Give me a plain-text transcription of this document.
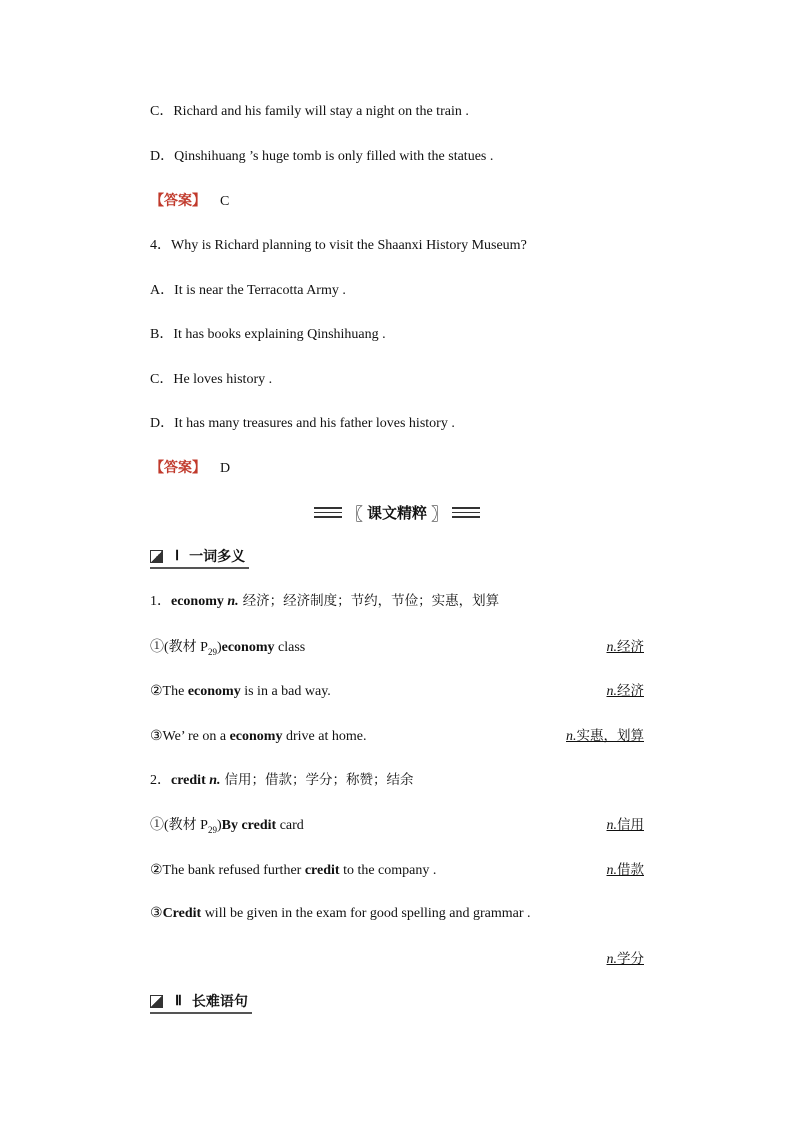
C．Richard and his family will stay a night on the train .
D．Qinshihuang ’s huge tomb is only filled with the statues .
【答案】 C
4．Why is Richard planning to visit the Shaanxi History Museum?
A．It is near the Terracotta Army .
B．It has books explaining Qinshihuang .
C．He loves history .
D．It has many treasures and his father loves history .
【答案】 D
〖 课文精粹 〗
Ⅰ 一词多义
1．economy n. 经济；经济制度；节约，节俭；实惠，划算
①(教材 $P_{29})economy$ class	n.经济
②The economy is in a bad way.	n.经济
③We’ re on a economy drive at home.	n.实惠，划算
2．credit n. 信用；借款；学分；称赞；结余
①(教材 $P_{29})By$ credit card	n.信用
②The bank refused further credit to the company .	n.借款
③Credit will be given in the exam for good spelling and grammar .
n.学分
Ⅱ 长难语句
